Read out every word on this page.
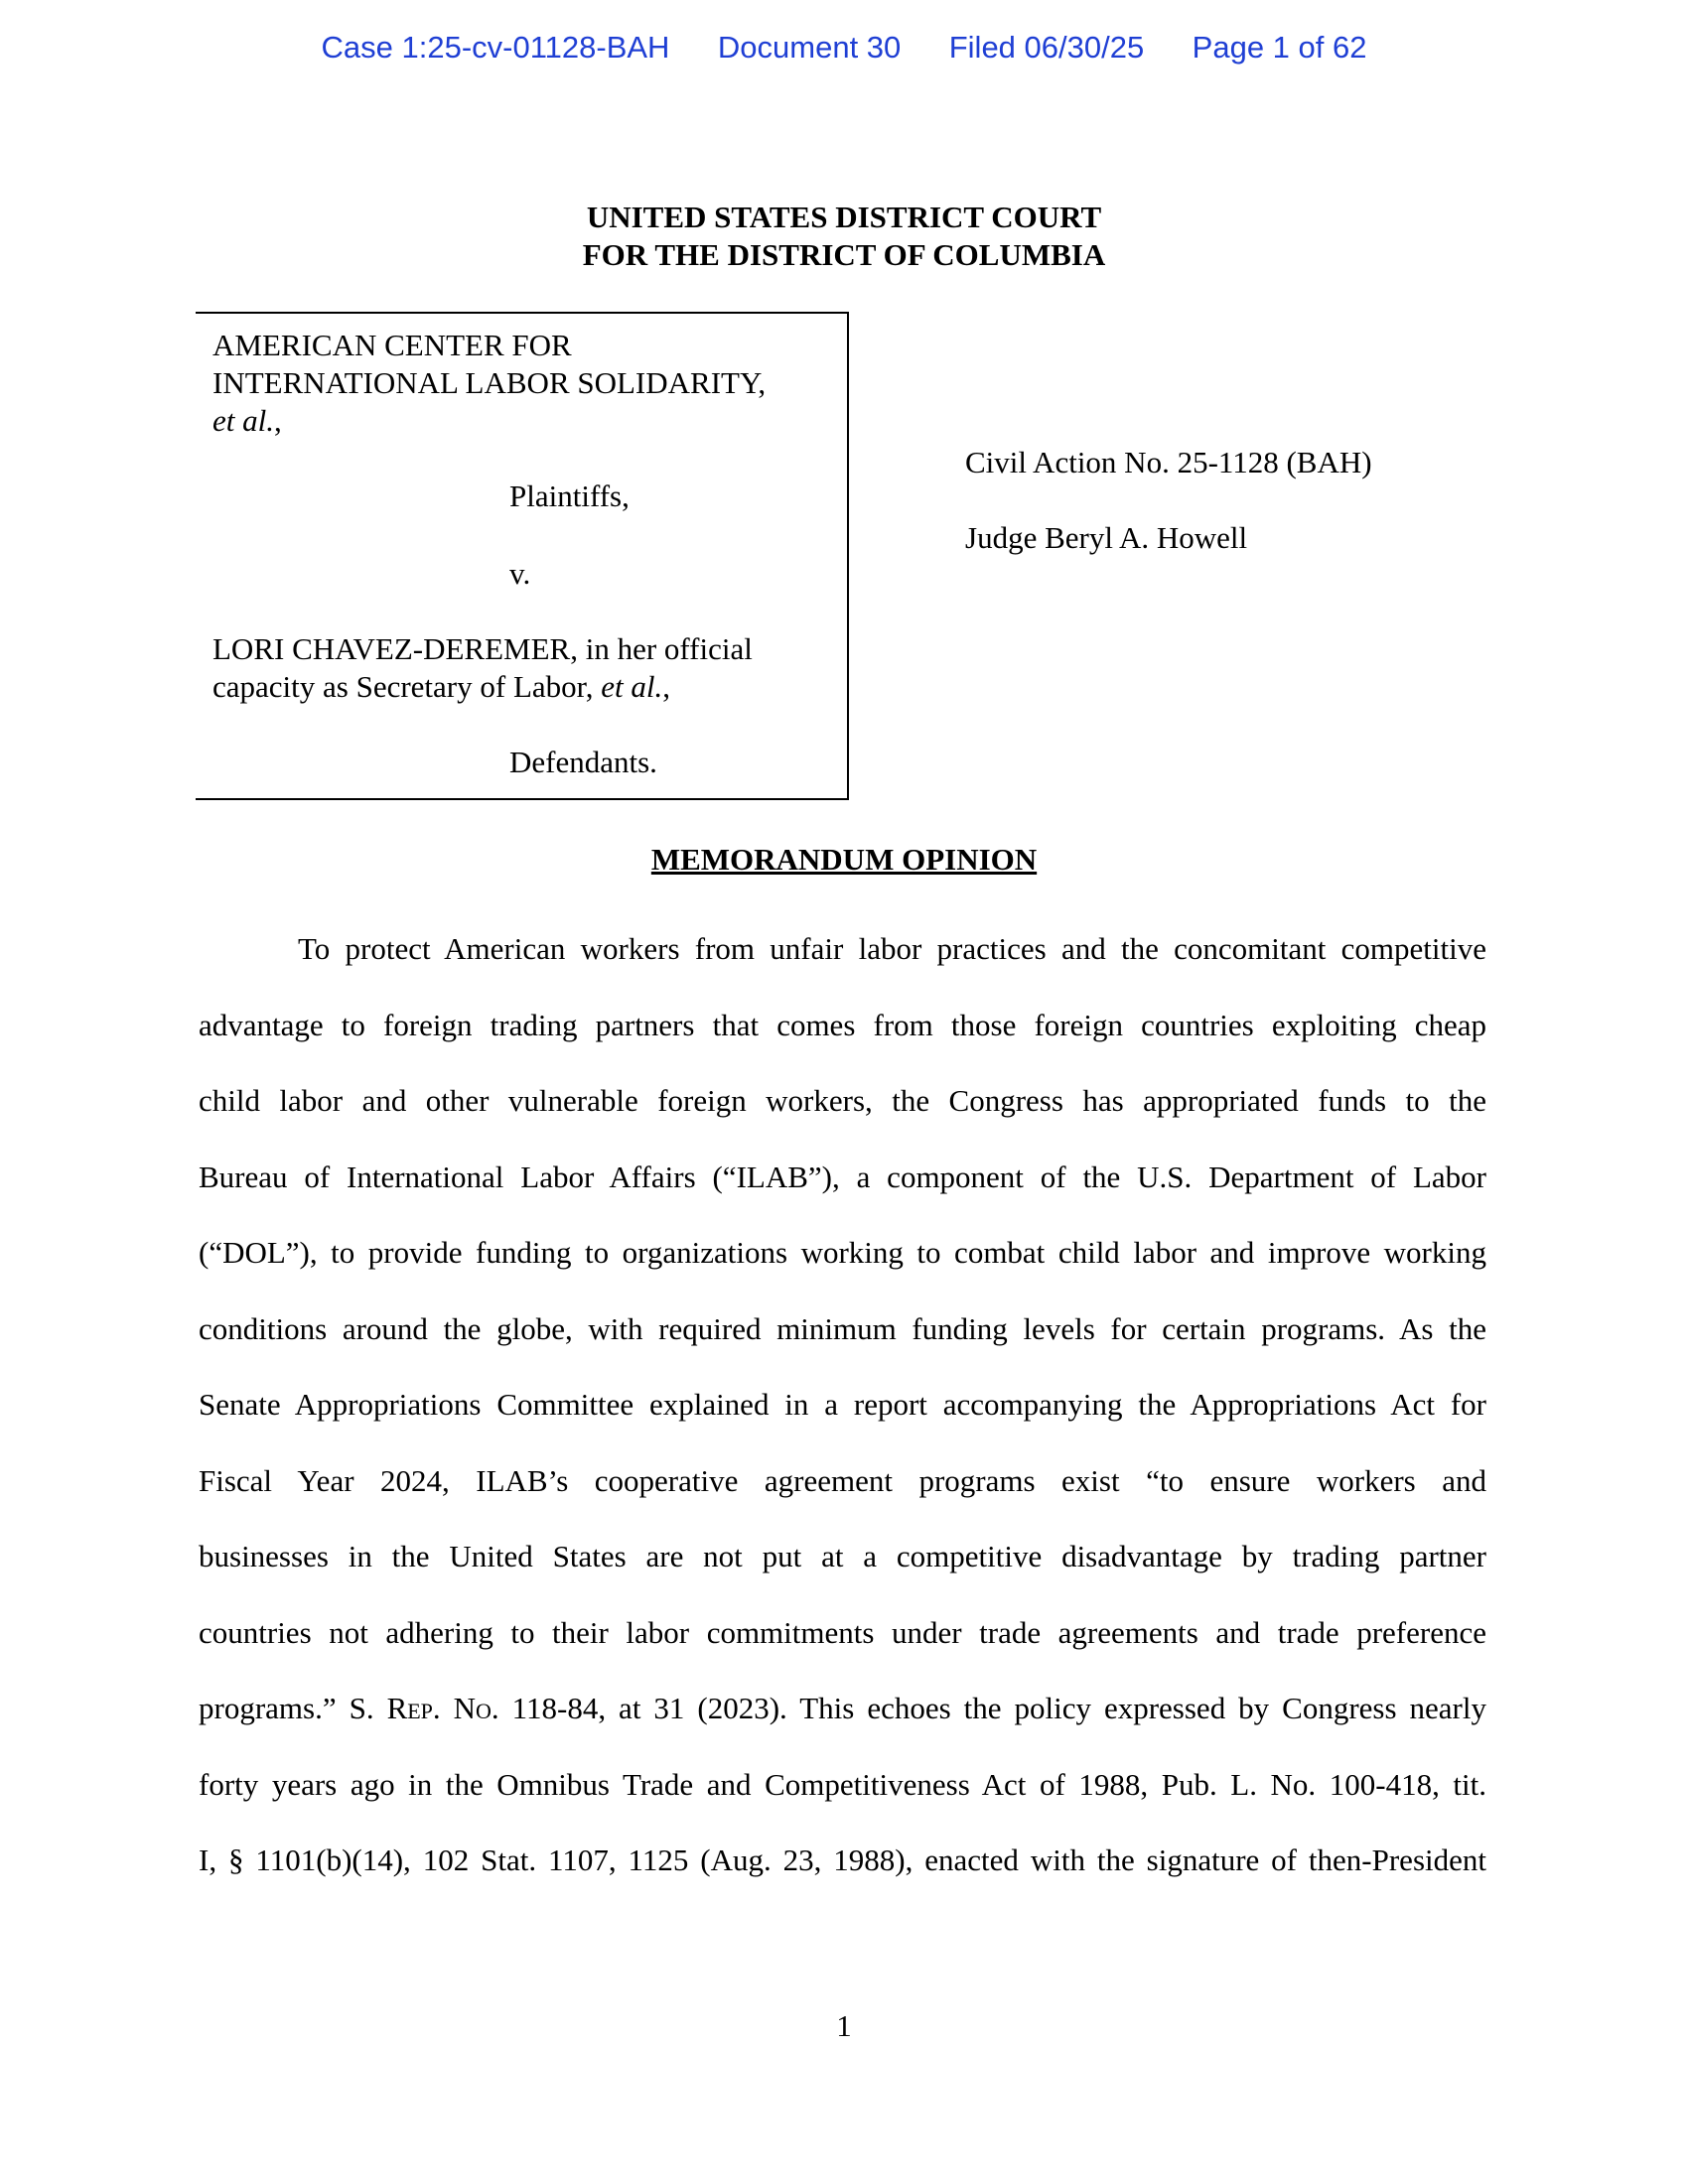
Case 1:25-cv-01128-BAH Document 30 Filed 06/30/25 Page 1 of 62
UNITED STATES DISTRICT COURT
FOR THE DISTRICT OF COLUMBIA
AMERICAN CENTER FOR
INTERNATIONAL LABOR SOLIDARITY,
et al.,
Plaintiffs,
v.
LORI CHAVEZ-DEREMER, in her official
capacity as Secretary of Labor, et al.,
Defendants.
Civil Action No. 25-1128 (BAH)
Judge Beryl A. Howell
MEMORANDUM OPINION
To protect American workers from unfair labor practices and the concomitant competitive
advantage to foreign trading partners that comes from those foreign countries exploiting cheap
child labor and other vulnerable foreign workers, the Congress has appropriated funds to the
Bureau of International Labor Affairs (“ILAB”), a component of the U.S. Department of Labor
(“DOL”), to provide funding to organizations working to combat child labor and improve working
conditions around the globe, with required minimum funding levels for certain programs. As the
Senate Appropriations Committee explained in a report accompanying the Appropriations Act for
Fiscal Year 2024, ILAB’s cooperative agreement programs exist “to ensure workers and
businesses in the United States are not put at a competitive disadvantage by trading partner
countries not adhering to their labor commitments under trade agreements and trade preference
programs.” S. Rep. No. 118-84, at 31 (2023). This echoes the policy expressed by Congress nearly
forty years ago in the Omnibus Trade and Competitiveness Act of 1988, Pub. L. No. 100-418, tit.
I, § 1101(b)(14), 102 Stat. 1107, 1125 (Aug. 23, 1988), enacted with the signature of then-President
1
